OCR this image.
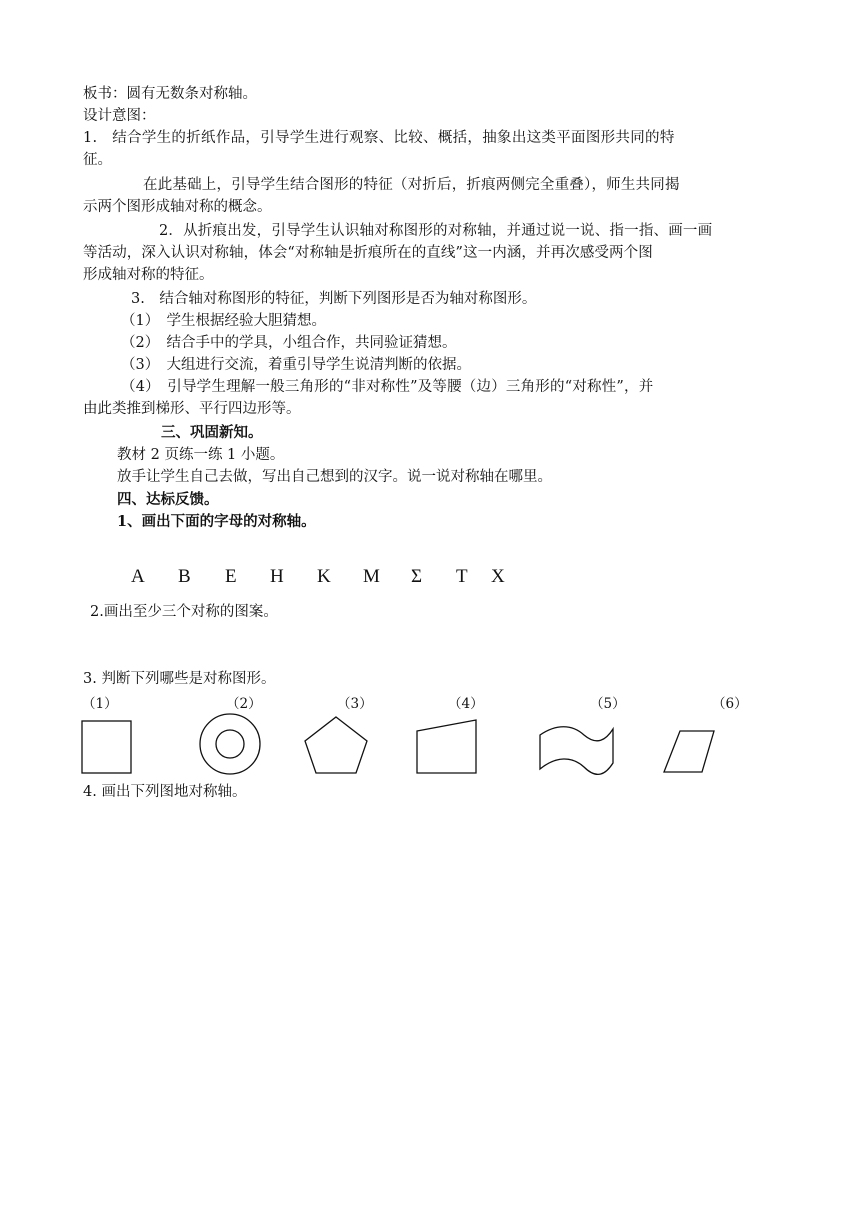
板书：圆有无数条对称轴。
设计意图：
1.　结合学生的折纸作品，引导学生进行观察、比较、概括，抽象出这类平面图形共同的特
征。
在此基础上，引导学生结合图形的特征（对折后，折痕两侧完全重叠），师生共同揭
示两个图形成轴对称的概念。
2．从折痕出发，引导学生认识轴对称图形的对称轴，并通过说一说、指一指、画一画
等活动，深入认识对称轴，体会“对称轴是折痕所在的直线”这一内涵，并再次感受两个图
形成轴对称的特征。
3.　结合轴对称图形的特征，判断下列图形是否为轴对称图形。
（1）　学生根据经验大胆猜想。
（2）　结合手中的学具，小组合作，共同验证猜想。
（3）　大组进行交流，着重引导学生说清判断的依据。
（4）　引导学生理解一般三角形的“非对称性”及等腰（边）三角形的“对称性”，并
由此类推到梯形、平行四边形等。
三、巩固新知。
教材 2 页练一练 1 小题。
放手让学生自己去做，写出自己想到的汉字。说一说对称轴在哪里。
四、达标反馈。
1、画出下面的字母的对称轴。
A B E H K M Σ T X
2.画出至少三个对称的图案。
3. 判断下列哪些是对称图形。
（1）	（2）	（3）	（4）	（5）	（6）
4. 画出下列图地对称轴。
